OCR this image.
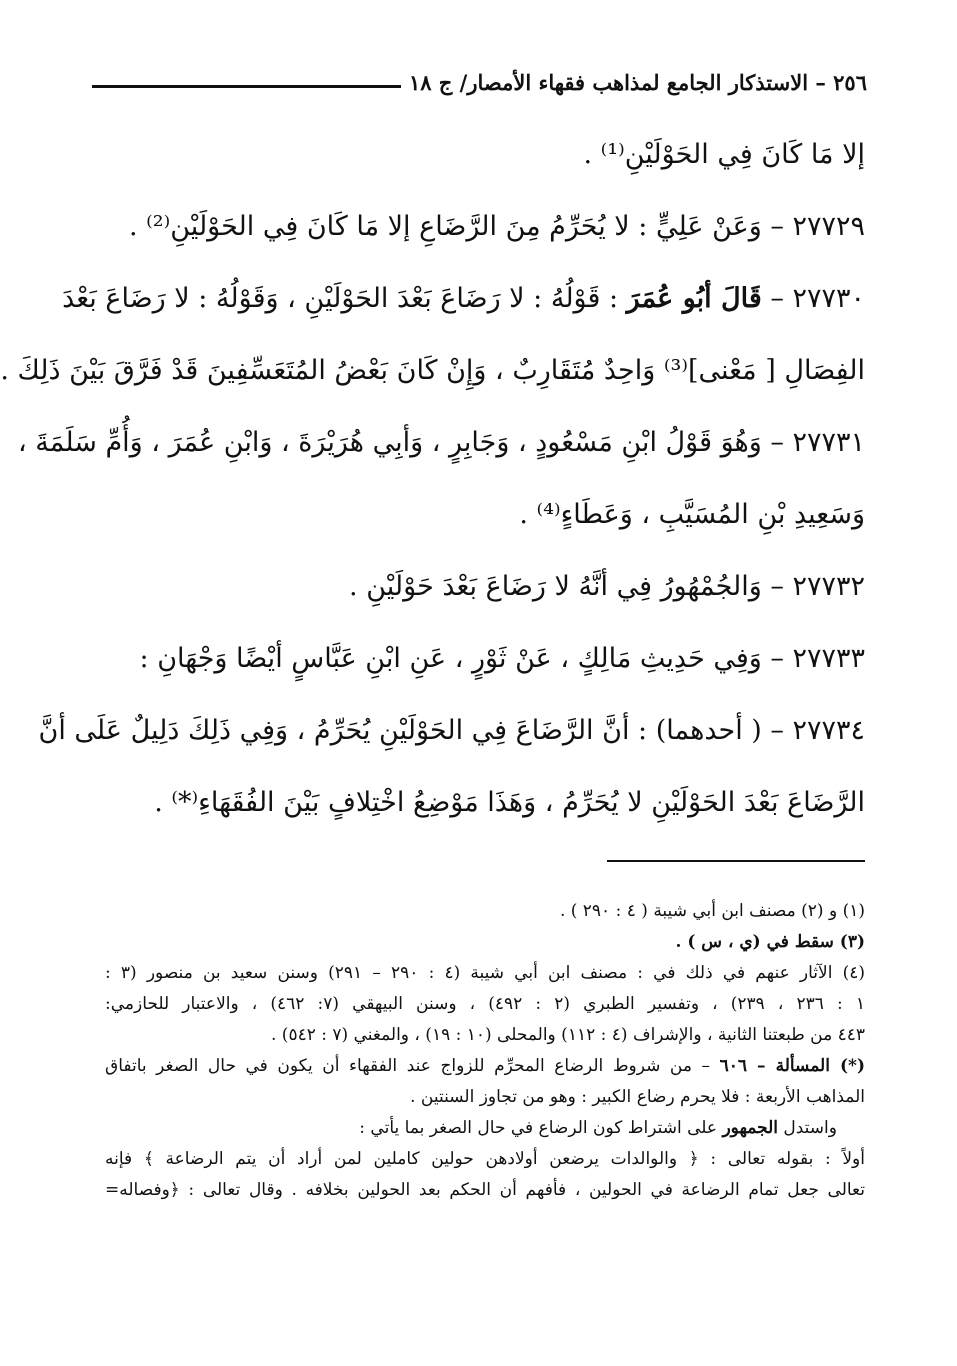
٢٥٦ – الاستذكار الجامع لمذاهب فقهاء الأمصار/ ج ١٨
إلا مَا كَانَ فِي الحَوْلَيْنِ⁽¹⁾ .
٢٧٧٢٩ – وَعَنْ عَلِيٍّ : لا يُحَرِّمُ مِنَ الرَّضَاعِ إلا مَا كَانَ فِي الحَوْلَيْنِ⁽²⁾ .
٢٧٧٣٠ – قَالَ أبُو عُمَرَ : قَوْلُهُ : لا رَضَاعَ بَعْدَ الحَوْلَيْنِ ، وَقَوْلُهُ : لا رَضَاعَ بَعْدَ
الفِصَالِ [ مَعْنى]⁽³⁾ وَاحِدٌ مُتَقَارِبٌ ، وَإِنْ كَانَ بَعْضُ المُتَعَسِّفِينَ قَدْ فَرَّقَ بَيْنَ ذَلِكَ .
٢٧٧٣١ – وَهُوَ قَوْلُ ابْنِ مَسْعُودٍ ، وَجَابِرٍ ، وَأبِي هُرَيْرَةَ ، وَابْنِ عُمَرَ ، وَأُمِّ سَلَمَةَ ،
وَسَعِيدِ بْنِ المُسَيَّبِ ، وَعَطَاءٍ⁽⁴⁾ .
٢٧٧٣٢ – وَالجُمْهُورُ فِي أنَّهُ لا رَضَاعَ بَعْدَ حَوْلَيْنِ .
٢٧٧٣٣ – وَفِي حَدِيثِ مَالِكٍ ، عَنْ ثَوْرٍ ، عَنِ ابْنِ عَبَّاسٍ أيْضًا وَجْهَانِ :
٢٧٧٣٤ – ( أحدهما) : أنَّ الرَّضَاعَ فِي الحَوْلَيْنِ يُحَرِّمُ ، وَفِي ذَلِكَ دَلِيلٌ عَلَى أنَّ
الرَّضَاعَ بَعْدَ الحَوْلَيْنِ لا يُحَرِّمُ ، وَهَذَا مَوْضِعُ اخْتِلافٍ بَيْنَ الفُقَهَاءِ⁽*⁾ .
(١) و (٢) مصنف ابن أبي شيبة ( ٤ : ٢٩٠ ) .
(٣) سقط في (ي ، س ) .
(٤) الآثار عنهم في ذلك في : مصنف ابن أبي شيبة (٤ : ٢٩٠ – ٢٩١) وسنن سعيد بن منصور (٣ :
١ : ٢٣٦ ، ٢٣٩) ، وتفسير الطبري (٢ : ٤٩٢) ، وسنن البيهقي (٧: ٤٦٢) ، والاعتبار للحازمي:
٤٤٣ من طبعتنا الثانية ، والإشراف (٤ : ١١٢) والمحلى (١٠ : ١٩) ، والمغني (٧ : ٥٤٢) .
(*) المسألة – ٦٠٦ – من شروط الرضاع المحرِّم للزواج عند الفقهاء أن يكون في حال الصغر باتفاق
المذاهب الأربعة : فلا يحرم رضاع الكبير : وهو من تجاوز السنتين .
واستدل الجمهور على اشتراط كون الرضاع في حال الصغر بما يأتي :
أولاً : بقوله تعالى : ﴿ والوالدات يرضعن أولادهن حولين كاملين لمن أراد أن يتم الرضاعة ﴾ فإنه
تعالى جعل تمام الرضاعة في الحولين ، فأفهم أن الحكم بعد الحولين بخلافه . وقال تعالى : ﴿وفصاله=
